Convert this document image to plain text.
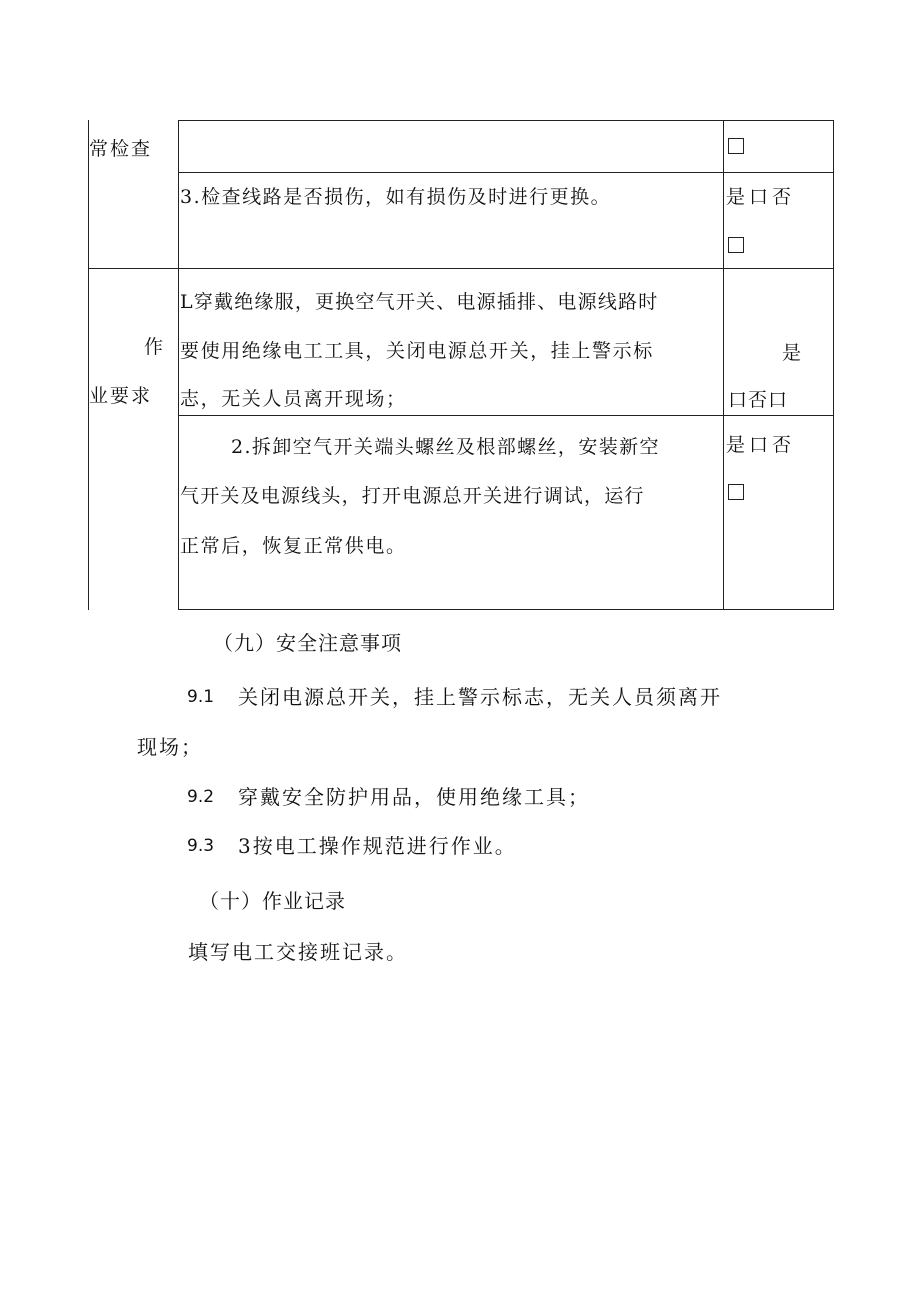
常检查
3.检查线路是否损伤，如有损伤及时进行更换。	是口否
作
业要求
L穿戴绝缘服，更换空气开关、电源插排、电源线路时
要使用绝缘电工工具，关闭电源总开关，挂上警示标
志，无关人员离开现场；
是
口否口
2.拆卸空气开关端头螺丝及根部螺丝，安装新空
气开关及电源线头，打开电源总开关进行调试，运行
正常后，恢复正常供电。
是口否
（九）安全注意事项
9.1 关闭电源总开关，挂上警示标志，无关人员须离开
现场；
9.2 穿戴安全防护用品，使用绝缘工具；
9.3 3按电工操作规范进行作业。
（十）作业记录
填写电工交接班记录。
